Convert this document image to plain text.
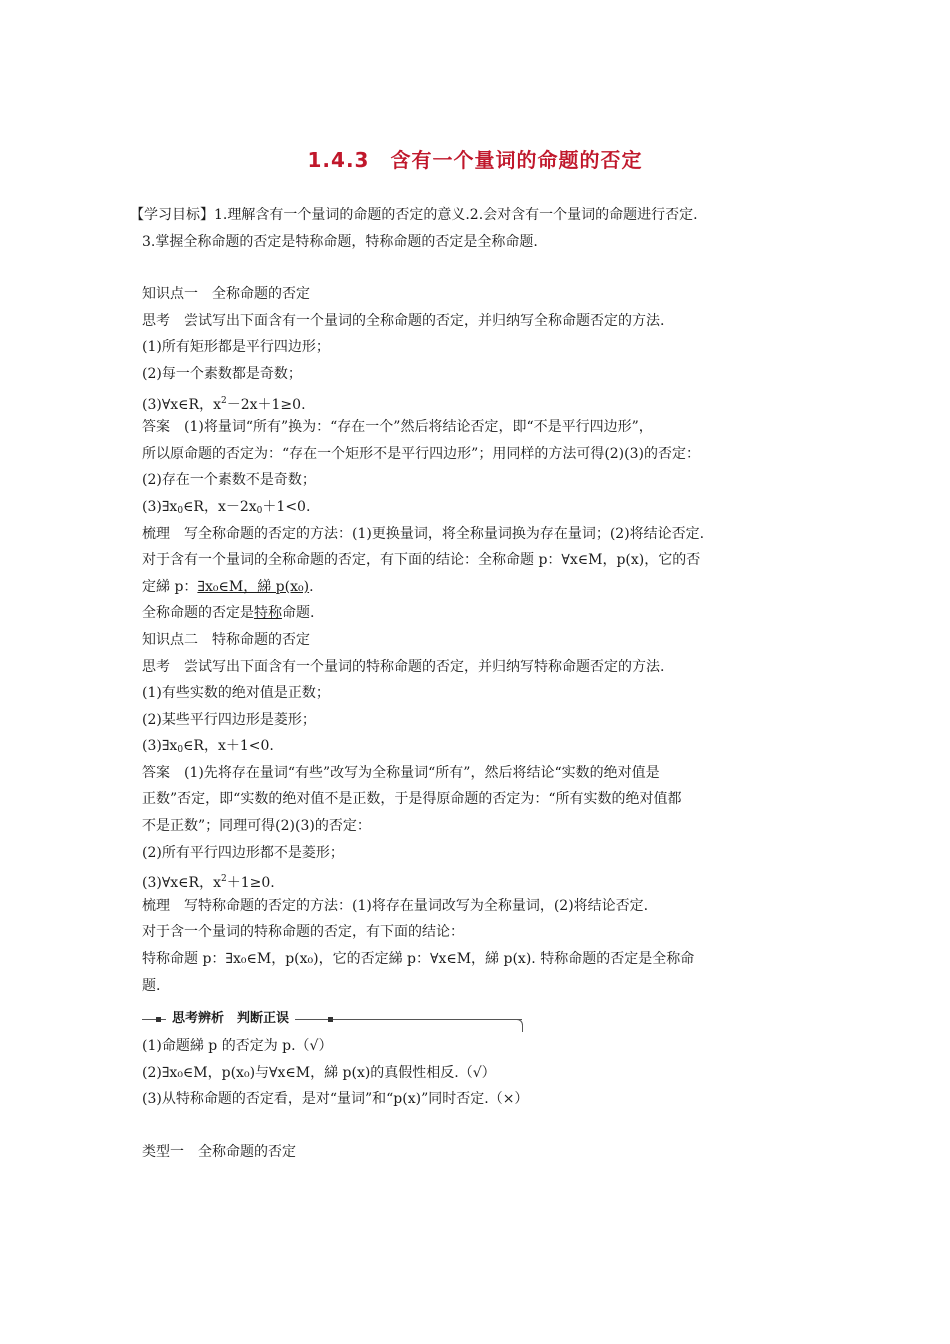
1.4.3　含有一个量词的命题的否定
【学习目标】1.理解含有一个量词的命题的否定的意义.2.会对含有一个量词的命题进行否定.
3.掌握全称命题的否定是特称命题，特称命题的否定是全称命题.
知识点一　全称命题的否定
思考　尝试写出下面含有一个量词的全称命题的否定，并归纳写全称命题否定的方法.
(1)所有矩形都是平行四边形；
(2)每一个素数都是奇数；
(3)∀x∈R，$x^2-2x+1\ge 0$.
答案　(1)将量词“所有”换为：“存在一个”然后将结论否定，即“不是平行四边形”，
所以原命题的否定为：“存在一个矩形不是平行四边形”；用同样的方法可得(2)(3)的否定：
(2)存在一个素数不是奇数；
$(3)\exists x_0\in R$，$x-2x_0+1<0$.
梳理　写全称命题的否定的方法：(1)更换量词，将全称量词换为存在量词；(2)将结论否定.
对于含有一个量词的全称命题的否定，有下面的结论：全称命题 p：∀x∈M，p(x)，它的否
定綈 p：∃x₀∈M，綈 p(x₀).
全称命题的否定是特称命题.
知识点二　特称命题的否定
思考　尝试写出下面含有一个量词的特称命题的否定，并归纳写特称命题否定的方法.
(1)有些实数的绝对值是正数；
(2)某些平行四边形是菱形；
$(3)\exists x_0\in R$，x＋1<0.
答案　(1)先将存在量词“有些”改写为全称量词“所有”，然后将结论“实数的绝对值是
正数”否定，即“实数的绝对值不是正数，于是得原命题的否定为：“所有实数的绝对值都
不是正数”；同理可得(2)(3)的否定：
(2)所有平行四边形都不是菱形；
(3)∀x∈R，$x^2+1\ge 0$.
梳理　写特称命题的否定的方法：(1)将存在量词改写为全称量词，(2)将结论否定.
对于含一个量词的特称命题的否定，有下面的结论：
特称命题 p：∃x₀∈M，p(x₀)，它的否定綈 p：∀x∈M，綈 p(x). 特称命题的否定是全称命
题.
思考辨析　判断正误
(1)命题綈 p 的否定为 p.（√）
(2)∃x₀∈M，p(x₀)与∀x∈M，綈 p(x)的真假性相反.（√）
(3)从特称命题的否定看，是对“量词”和“p(x)”同时否定.（×）
类型一　全称命题的否定
